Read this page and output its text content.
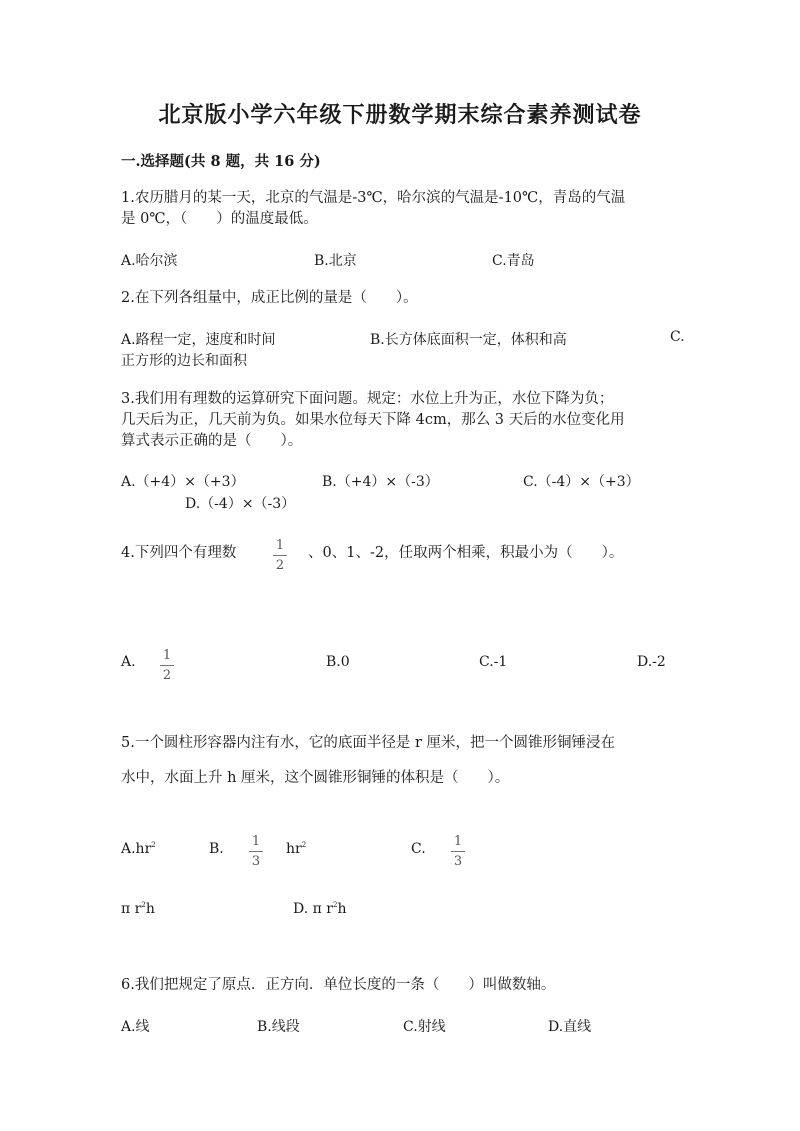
北京版小学六年级下册数学期末综合素养测试卷
一.选择题(共 8 题，共 16 分)
1.农历腊月的某一天，北京的气温是-3℃，哈尔滨的气温是-10℃，青岛的气温
是 0℃，（　　）的温度最低。
A.哈尔滨	B.北京	C.青岛
2.在下列各组量中，成正比例的量是（　　）。
A.路程一定，速度和时间	B.长方体底面积一定，体积和高	C.
正方形的边长和面积
3.我们用有理数的运算研究下面问题。规定：水位上升为正，水位下降为负；
几天后为正，几天前为负。如果水位每天下降 4cm，那么 3 天后的水位变化用
算式表示正确的是（　　）。
A.（+4）×（+3）	B.（+4）×（-3）	C.（-4）×（+3）
D.（-4）×（-3）
4.下列四个有理数	1
2
、0、1、-2，任取两个相乘，积最小为（　　）。
A. 1
2
B.0	C.-1	D.-2
5.一个圆柱形容器内注有水，它的底面半径是 r 厘米，把一个圆锥形铜锤浸在
水中，水面上升 h 厘米，这个圆锥形铜锤的体积是（　　）。
$A.hr^2$	B. 1
3
$hr^2$	C. 1
3
π $r^2h$	D. π $r^2h$
6.我们把规定了原点．正方向．单位长度的一条（　　）叫做数轴。
A.线	B.线段	C.射线	D.直线
